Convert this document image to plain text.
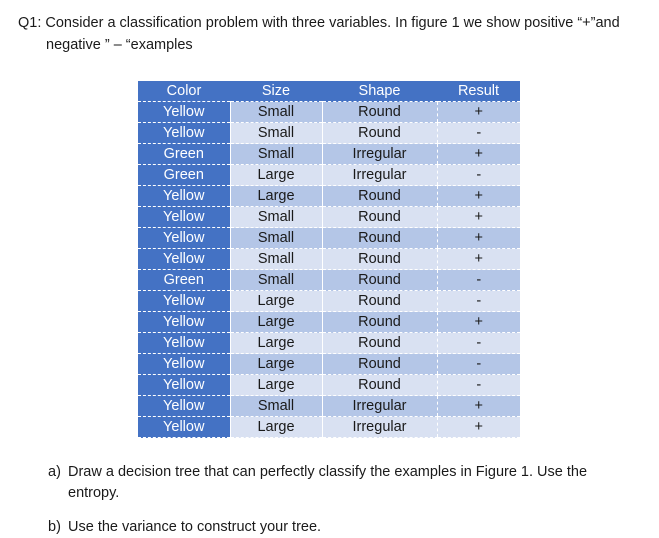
Q1: Consider a classification problem with three variables. In figure 1 we show positive “+”and
negative ” – “examples
Color	Size	Shape	Result
Yellow	Small	Round	+
Yellow	Small	Round	-
Green	Small	Irregular	+
Green	Large	Irregular	-
Yellow	Large	Round	+
Yellow	Small	Round	+
Yellow	Small	Round	+
Yellow	Small	Round	+
Green	Small	Round	-
Yellow	Large	Round	-
Yellow	Large	Round	+
Yellow	Large	Round	-
Yellow	Large	Round	-
Yellow	Large	Round	-
Yellow	Small	Irregular	+
Yellow	Large	Irregular	+
a) Draw a decision tree that can perfectly classify the examples in Figure 1. Use the entropy.
b) Use the variance to construct your tree.
